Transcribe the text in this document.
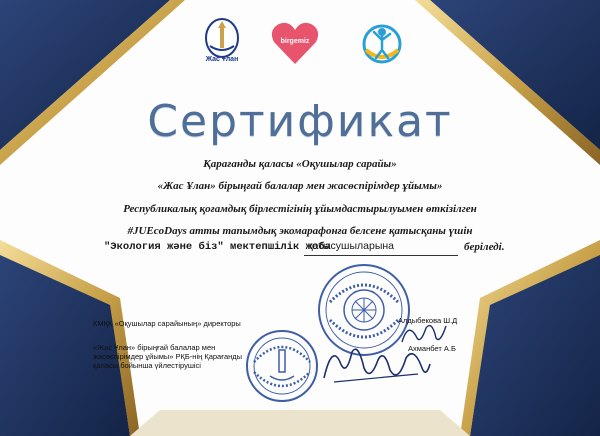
Жас Ұлан
birgemiz
Сертификат
Қарағанды қаласы «Оқушылар сарайы»
«Жас Ұлан» бірыңғай балалар мен жасөспірімдер ұйымы»
Республикалық қоғамдық бірлестігінің ұйымдастырылуымен өткізілген
#JUEcoDays атты тапымдық экомарафонға белсене қатысқаны үшін
"Экология және біз" мектепшілік жоба
қатысушыларына	беріледі.
КМҚК «Оқушылар сарайының» директоры
«Жас Ұлан» бірыңғай балалар мен жасөспірімдер ұйымы» РҚБ-нің Қарағанды қаласы бойынша үйлестірушісі
Алдыбекова Ш.Д
Ахманбет А.Б
